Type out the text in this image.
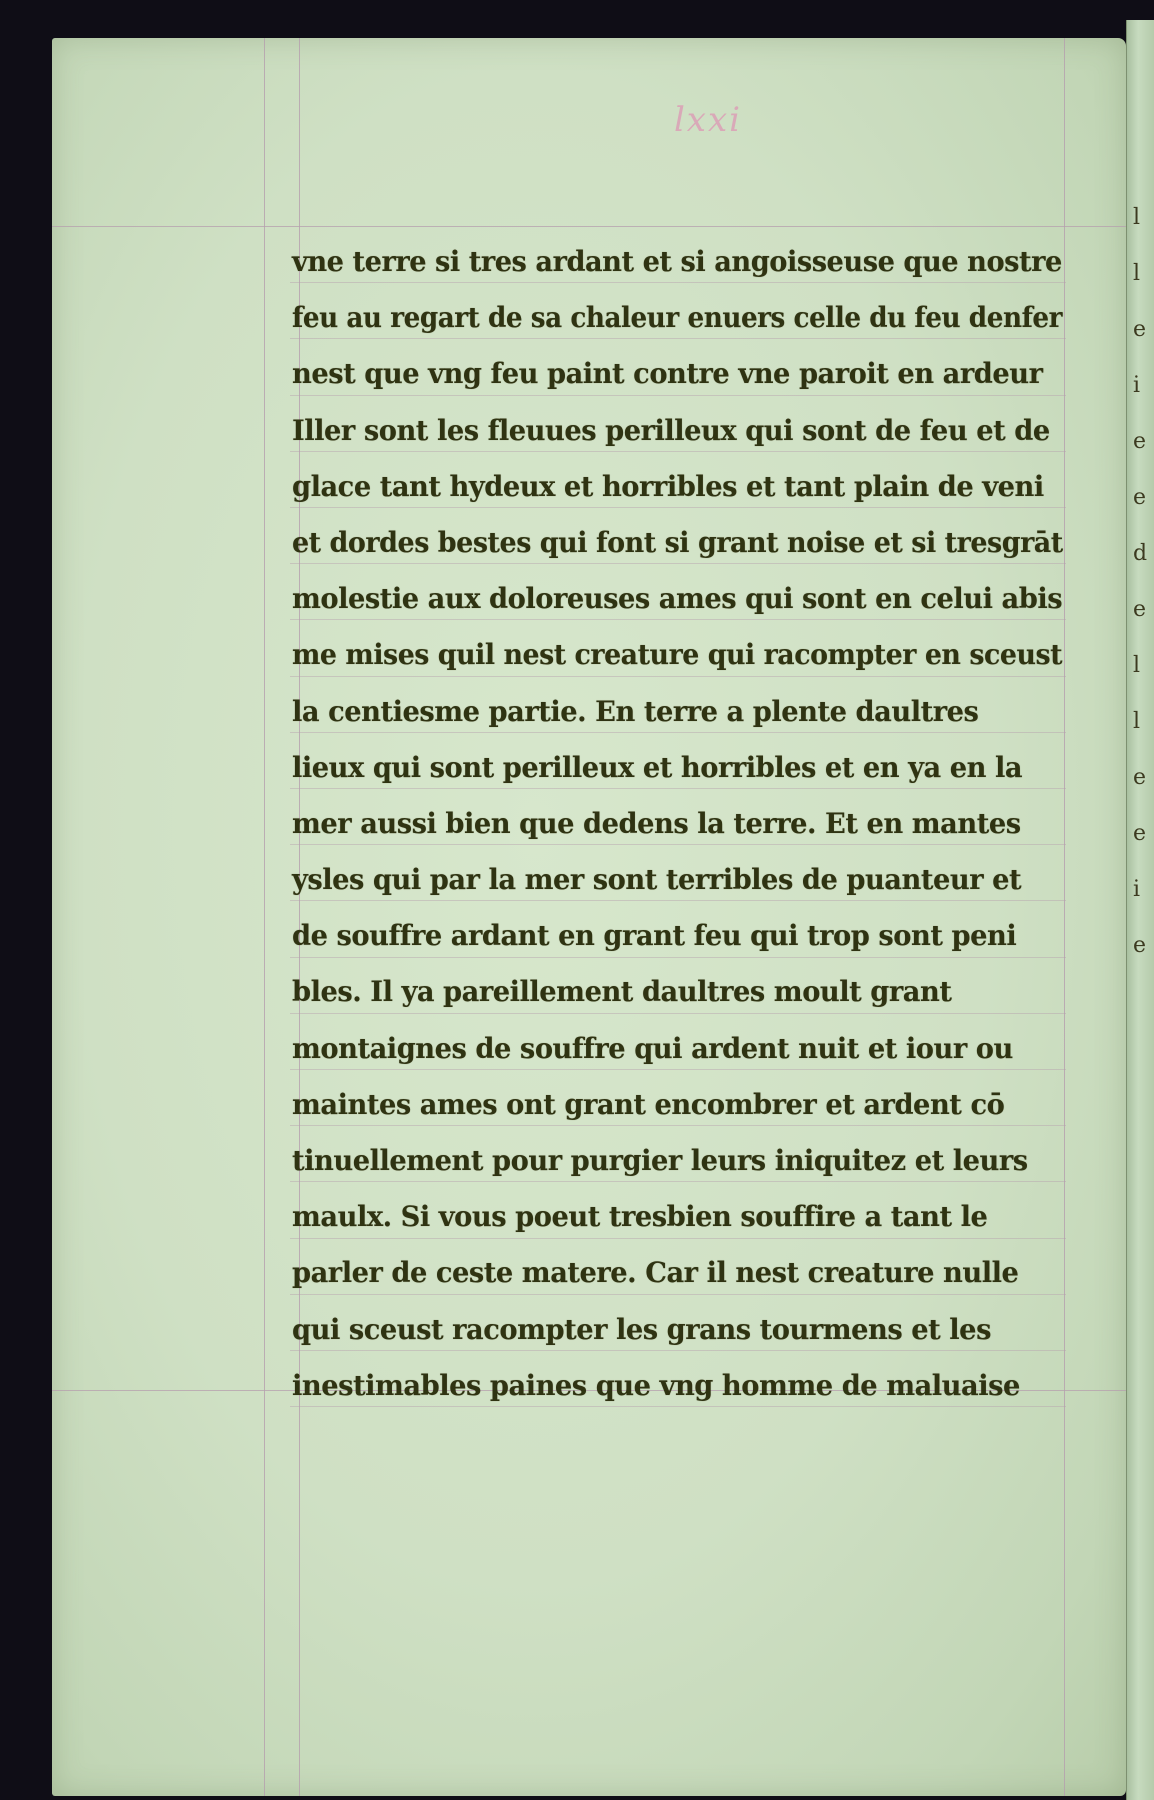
lleieedelleeie
lxxi
vne terre si tres ardant et si angoisseuse que nostre
feu au regart de sa chaleur enuers celle du feu denfer
nest que vng feu paint contre vne paroit en ardeur
Iller sont les fleuues perilleux qui sont de feu et de
glace tant hydeux et horribles et tant plain de veni
et dordes bestes qui font si grant noise et si tresgrāt
molestie aux doloreuses ames qui sont en celui abis
me mises quil nest creature qui racompter en sceust
la centiesme partie. En terre a plente daultres
lieux qui sont perilleux et horribles et en ya en la
mer aussi bien que dedens la terre. Et en mantes
ysles qui par la mer sont terribles de puanteur et
de souffre ardant en grant feu qui trop sont peni
bles. Il ya pareillement daultres moult grant
montaignes de souffre qui ardent nuit et iour ou
maintes ames ont grant encombrer et ardent cō
tinuellement pour purgier leurs iniquitez et leurs
maulx. Si vous poeut tresbien souffire a tant le
parler de ceste matere. Car il nest creature nulle
qui sceust racompter les grans tourmens et les
inestimables paines que vng homme de maluaise
